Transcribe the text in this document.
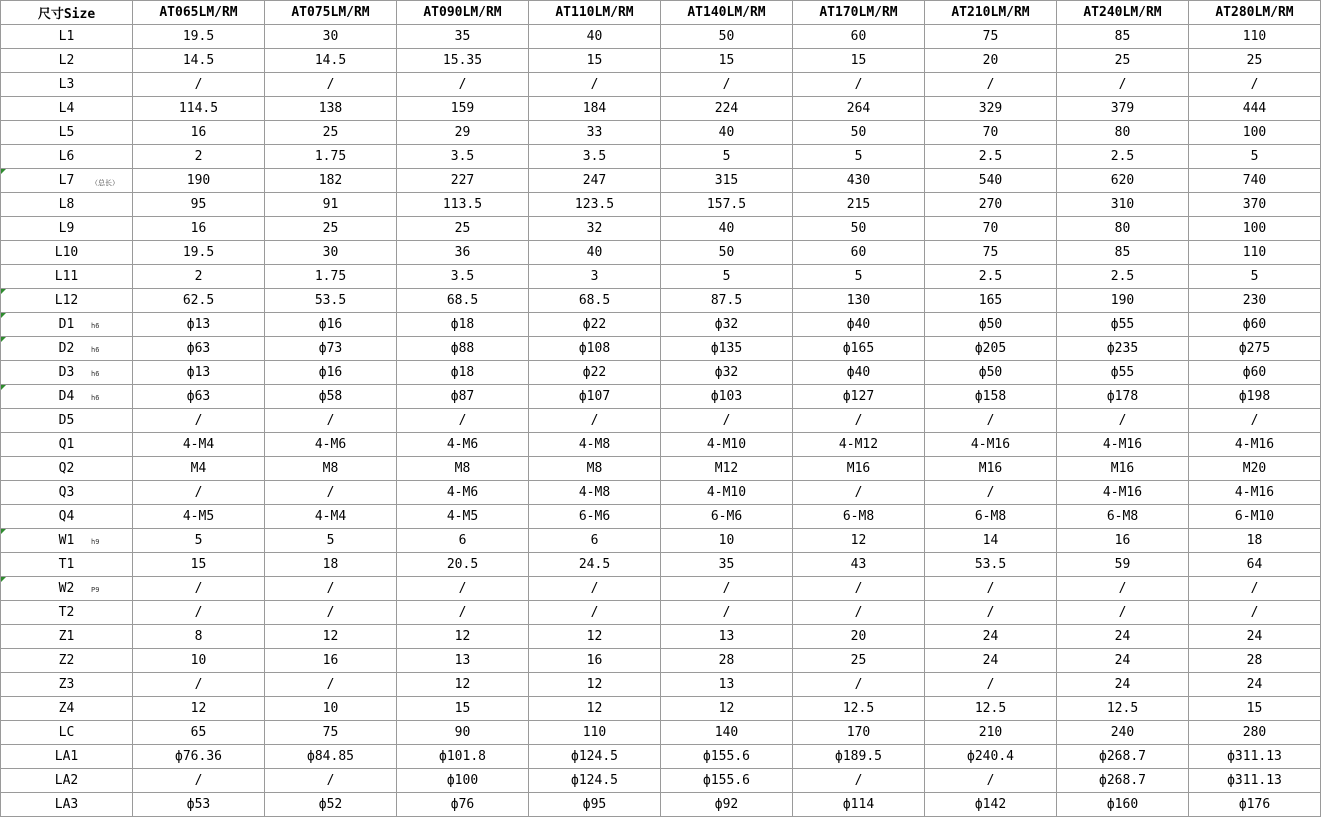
尺寸Size	AT065LM/RM	AT075LM/RM	AT090LM/RM	AT110LM/RM	AT140LM/RM	AT170LM/RM	AT210LM/RM	AT240LM/RM	AT280LM/RM
L1	19.5	30	35	40	50	60	75	85	110
L2	14.5	14.5	15.35	15	15	15	20	25	25
L3	/	/	/	/	/	/	/	/	/
L4	114.5	138	159	184	224	264	329	379	444
L5	16	25	29	33	40	50	70	80	100
L6	2	1.75	3.5	3.5	5	5	2.5	2.5	5

L7 （总长）	190	182	227	247	315	430	540	620	740
L8	95	91	113.5	123.5	157.5	215	270	310	370
L9	16	25	25	32	40	50	70	80	100
L10	19.5	30	36	40	50	60	75	85	110
L11	2	1.75	3.5	3	5	5	2.5	2.5	5

L12	62.5	53.5	68.5	68.5	87.5	130	165	190	230

D1 h6	ф13	ф16	ф18	ф22	ф32	ф40	ф50	ф55	ф60

D2 h6	ф63	ф73	ф88	ф108	ф135	ф165	ф205	ф235	ф275
D3 h6	ф13	ф16	ф18	ф22	ф32	ф40	ф50	ф55	ф60

D4 h6	ф63	ф58	ф87	ф107	ф103	ф127	ф158	ф178	ф198
D5	/	/	/	/	/	/	/	/	/
Q1	4-M4	4-M6	4-M6	4-M8	4-M10	4-M12	4-M16	4-M16	4-M16
Q2	M4	M8	M8	M8	M12	M16	M16	M16	M20
Q3	/	/	4-M6	4-M8	4-M10	/	/	4-M16	4-M16
Q4	4-M5	4-M4	4-M5	6-M6	6-M6	6-M8	6-M8	6-M8	6-M10

W1 h9	5	5	6	6	10	12	14	16	18
T1	15	18	20.5	24.5	35	43	53.5	59	64

W2 P9	/	/	/	/	/	/	/	/	/
T2	/	/	/	/	/	/	/	/	/
Z1	8	12	12	12	13	20	24	24	24
Z2	10	16	13	16	28	25	24	24	28
Z3	/	/	12	12	13	/	/	24	24
Z4	12	10	15	12	12	12.5	12.5	12.5	15
LC	65	75	90	110	140	170	210	240	280
LA1	ф76.36	ф84.85	ф101.8	ф124.5	ф155.6	ф189.5	ф240.4	ф268.7	ф311.13
LA2	/	/	ф100	ф124.5	ф155.6	/	/	ф268.7	ф311.13
LA3	ф53	ф52	ф76	ф95	ф92	ф114	ф142	ф160	ф176
